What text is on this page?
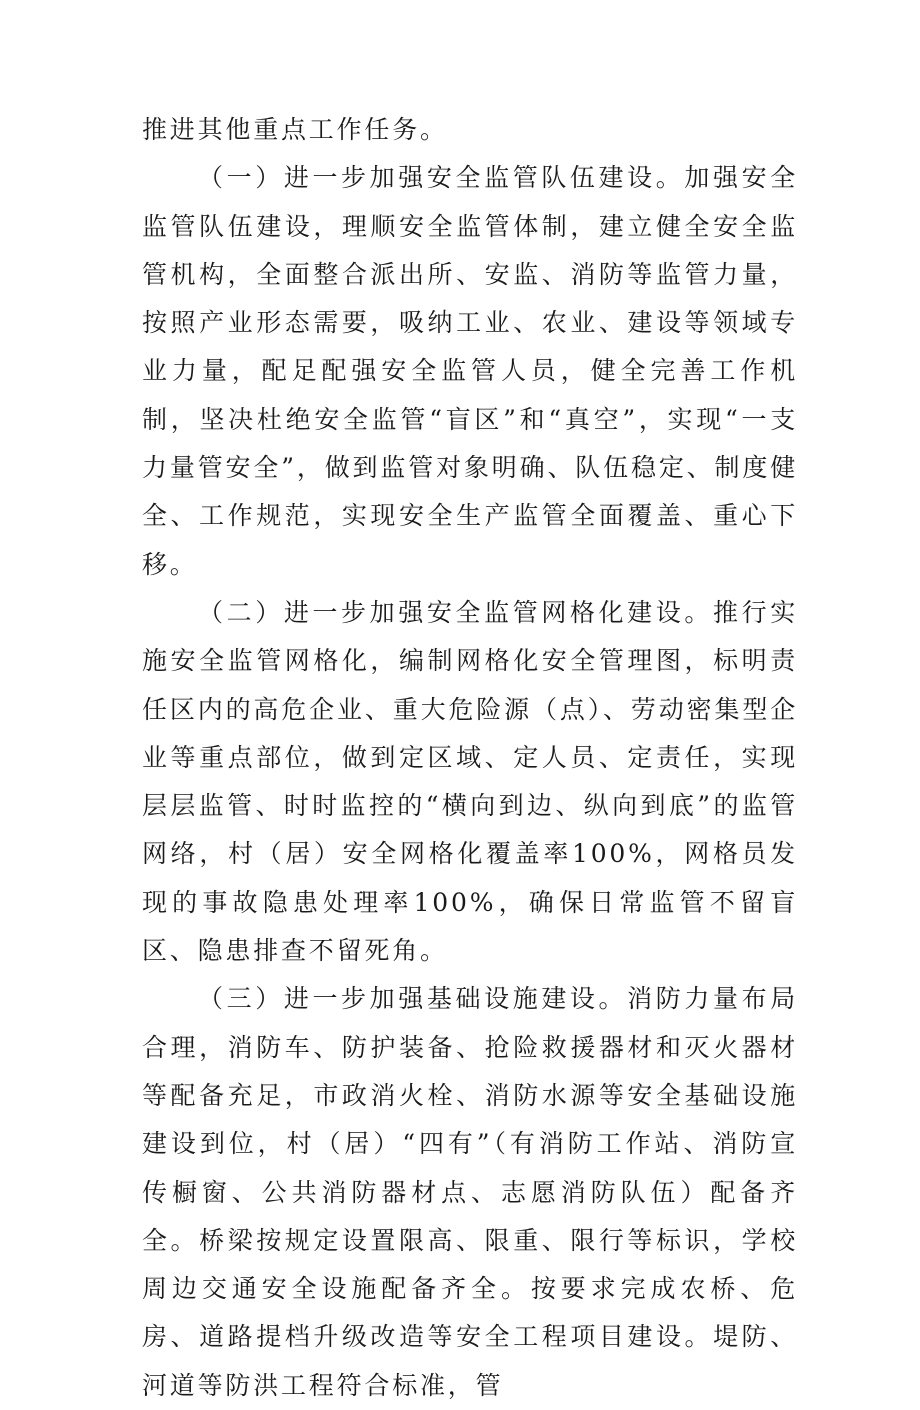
推进其他重点工作任务。

（一）进一步加强安全监管队伍建设。加强安全监管队伍建设，理顺安全监管体制，建立健全安全监管机构，全面整合派出所、安监、消防等监管力量，按照产业形态需要，吸纳工业、农业、建设等领域专业力量，配足配强安全监管人员，健全完善工作机制，坚决杜绝安全监管“盲区”和“真空”，实现“一支力量管安全”，做到监管对象明确、队伍稳定、制度健全、工作规范，实现安全生产监管全面覆盖、重心下移。

（二）进一步加强安全监管网格化建设。推行实施安全监管网格化，编制网格化安全管理图，标明责任区内的高危企业、重大危险源（点）、劳动密集型企业等重点部位，做到定区域、定人员、定责任，实现层层监管、时时监控的“横向到边、纵向到底”的监管网络，村（居）安全网格化覆盖率100%，网格员发现的事故隐患处理率100%，确保日常监管不留盲区、隐患排查不留死角。

（三）进一步加强基础设施建设。消防力量布局合理，消防车、防护装备、抢险救援器材和灭火器材等配备充足，市政消火栓、消防水源等安全基础设施建设到位，村（居）“四有”（有消防工作站、消防宣传橱窗、公共消防器材点、志愿消防队伍）配备齐全。桥梁按规定设置限高、限重、限行等标识，学校周边交通安全设施配备齐全。按要求完成农桥、危房、道路提档升级改造等安全工程项目建设。堤防、河道等防洪工程符合标准，管
